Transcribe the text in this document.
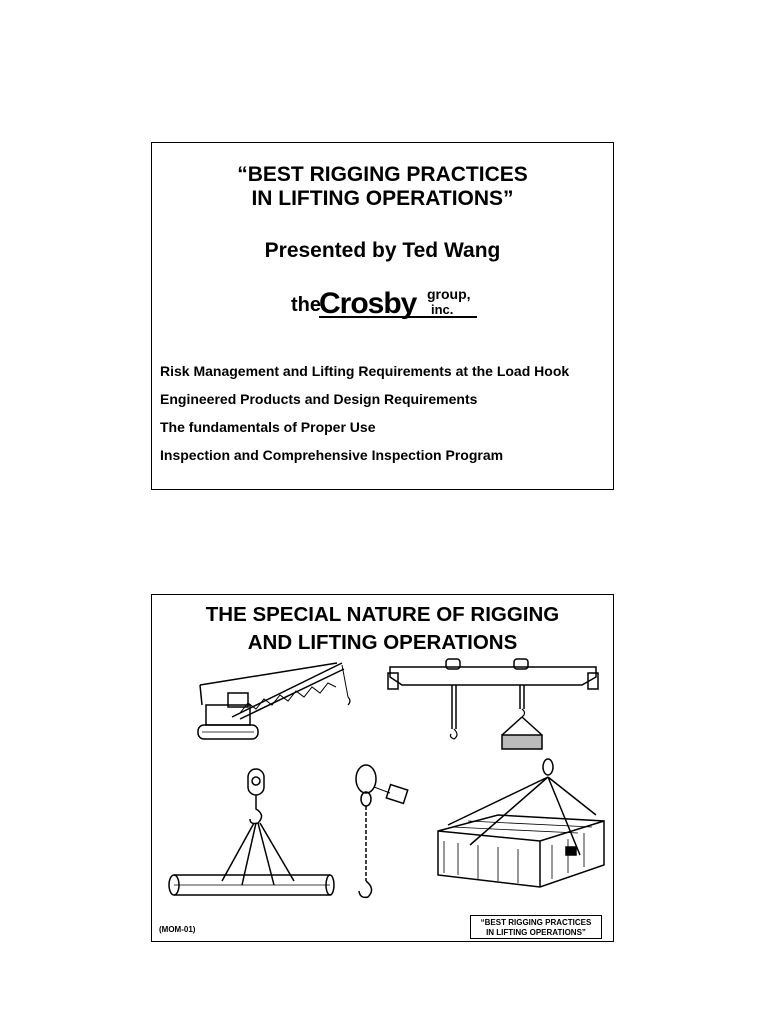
“BEST RIGGING PRACTICES
IN LIFTING OPERATIONS”
Presented by Ted Wang
the
Crosby group,
inc.
Risk Management and Lifting Requirements at the Load Hook
Engineered Products and Design Requirements
The fundamentals of Proper Use
Inspection and Comprehensive Inspection Program
THE SPECIAL NATURE OF RIGGING
AND LIFTING OPERATIONS
(MOM-01)
“BEST RIGGING PRACTICES
IN LIFTING OPERATIONS”
